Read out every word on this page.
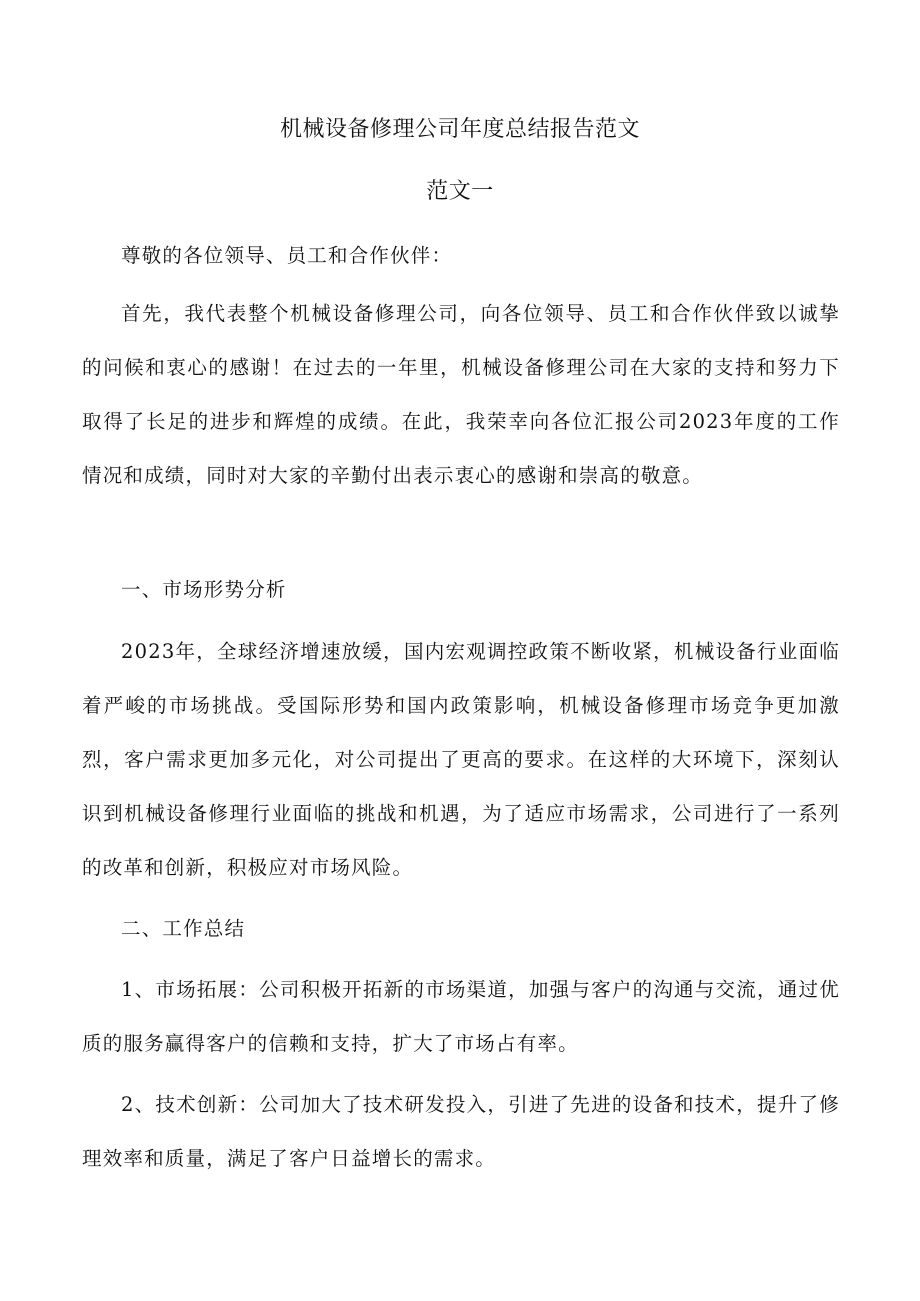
机械设备修理公司年度总结报告范文
范文一

尊敬的各位领导、员工和合作伙伴：

首先，我代表整个机械设备修理公司，向各位领导、员工和合作伙伴致以诚挚的问候和衷心的感谢！在过去的一年里，机械设备修理公司在大家的支持和努力下取得了长足的进步和辉煌的成绩。在此，我荣幸向各位汇报公司2023年度的工作情况和成绩，同时对大家的辛勤付出表示衷心的感谢和崇高的敬意。

一、市场形势分析

2023年，全球经济增速放缓，国内宏观调控政策不断收紧，机械设备行业面临着严峻的市场挑战。受国际形势和国内政策影响，机械设备修理市场竞争更加激烈，客户需求更加多元化，对公司提出了更高的要求。在这样的大环境下，深刻认识到机械设备修理行业面临的挑战和机遇，为了适应市场需求，公司进行了一系列的改革和创新，积极应对市场风险。

二、工作总结

1、市场拓展：公司积极开拓新的市场渠道，加强与客户的沟通与交流，通过优质的服务赢得客户的信赖和支持，扩大了市场占有率。

2、技术创新：公司加大了技术研发投入，引进了先进的设备和技术，提升了修理效率和质量，满足了客户日益增长的需求。
